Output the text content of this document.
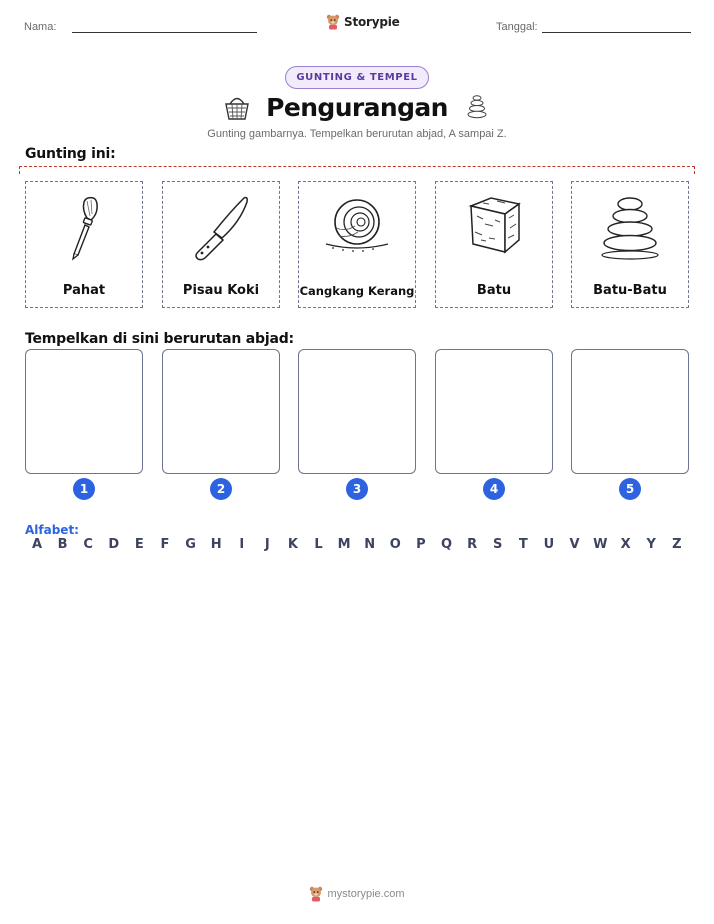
Nama:	Storypie	Tanggal:
GUNTING & TEMPEL
Pengurangan
Gunting gambarnya. Tempelkan berurutan abjad, A sampai Z.
Gunting ini:
Pahat	Pisau Koki	Cangkang Kerang	Batu	Batu-Batu
Tempelkan di sini berurutan abjad:
1	2	3	4	5
Alfabet:
A B C D E F G H	I	J	K L M N O P Q R S T U V W X Y Z
mystorypie.com
